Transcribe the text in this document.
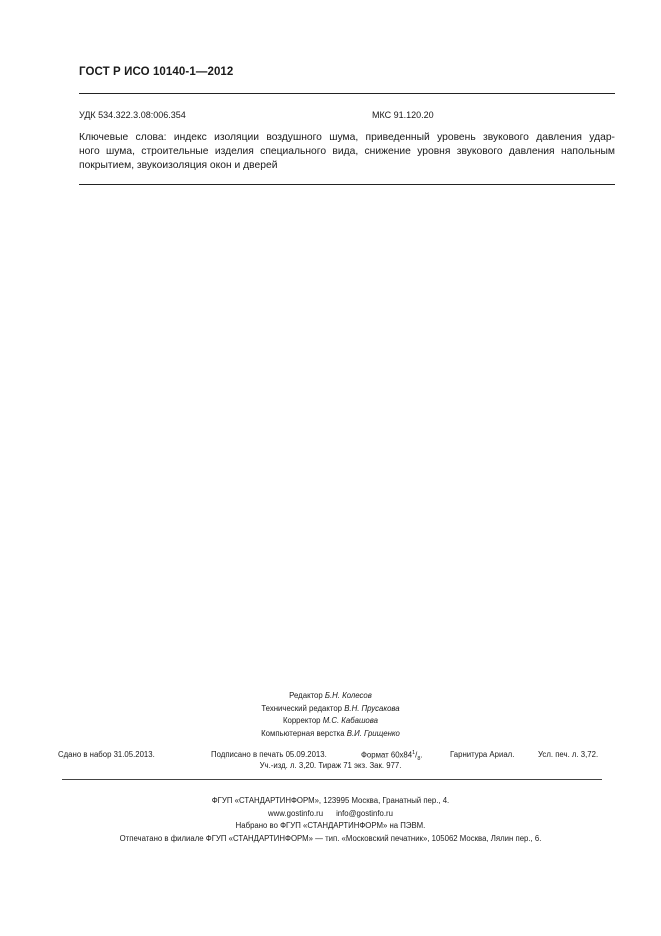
ГОСТ Р ИСО 10140-1—2012
УДК 534.322.3.08:006.354	МКС 91.120.20
Ключевые слова: индекс изоляции воздушного шума, приведенный уровень звукового давления удар-
ного шума, строительные изделия специального вида, снижение уровня звукового давления напольным
покрытием, звукоизоляция окон и дверей
Редактор Б.Н. Колесов
Технический редактор В.Н. Прусакова
Корректор М.С. Кабашова
Компьютерная верстка В.И. Грищенко
Сдано в набор 31.05.2013.	Подписано в печать 05.09.2013.	Формат $60x84^1/_8$.	Гарнитура Ариал.	Усл. печ. л. 3,72.
Уч.-изд. л. 3,20. Тираж 71 экз. Зак. 977.
ФГУП «СТАНДАРТИНФОРМ», 123995 Москва, Гранатный пер., 4.
www.gostinfo.ru info@gostinfo.ru
Набрано во ФГУП «СТАНДАРТИНФОРМ» на ПЭВМ.
Отпечатано в филиале ФГУП «СТАНДАРТИНФОРМ» — тип. «Московский печатник», 105062 Москва, Лялин пер., 6.
